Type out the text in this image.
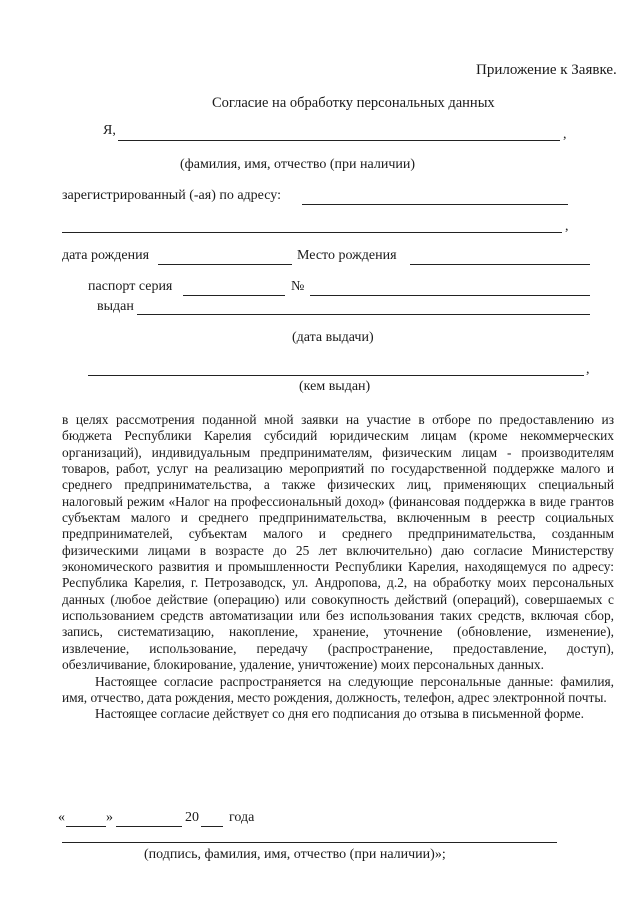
Приложение к Заявке.
Согласие на обработку персональных данных
Я,	,
(фамилия, имя, отчество (при наличии)
зарегистрированный (-ая) по адресу:
,
дата рождения	Место рождения
паспорт серия	№
выдан
(дата выдачи)
,
(кем выдан)

в целях рассмотрения поданной мной заявки на участие в отборе по предоставлению из бюджета Республики Карелия субсидий юридическим лицам (кроме некоммерческих организаций), индивидуальным предпринимателям, физическим лицам - производителям товаров, работ, услуг на реализацию мероприятий по государственной поддержке малого и среднего предпринимательства, а также физических лиц, применяющих специальный налоговый режим «Налог на профессиональный доход» (финансовая поддержка в виде грантов субъектам малого и среднего предпринимательства, включенным в реестр социальных предпринимателей, субъектам малого и среднего предпринимательства, созданным физическими лицами в возрасте до 25 лет включительно) даю согласие Министерству экономического развития и промышленности Республики Карелия, находящемуся по адресу: Республика Карелия, г. Петрозаводск, ул. Андропова, д.2, на обработку моих персональных данных (любое действие (операцию) или совокупность действий (операций), совершаемых с использованием средств автоматизации или без использования таких средств, включая сбор, запись, систематизацию, накопление, хранение, уточнение (обновление, изменение), извлечение, использование, передачу (распространение, предоставление, доступ), обезличивание, блокирование, удаление, уничтожение) моих персональных данных.

Настоящее согласие распространяется на следующие персональные данные: фамилия, имя, отчество, дата рождения, место рождения, должность, телефон, адрес электронной почты.

Настоящее согласие действует со дня его подписания до отзыва в письменной форме.

«	»	20 года
(подпись, фамилия, имя, отчество (при наличии)»;
